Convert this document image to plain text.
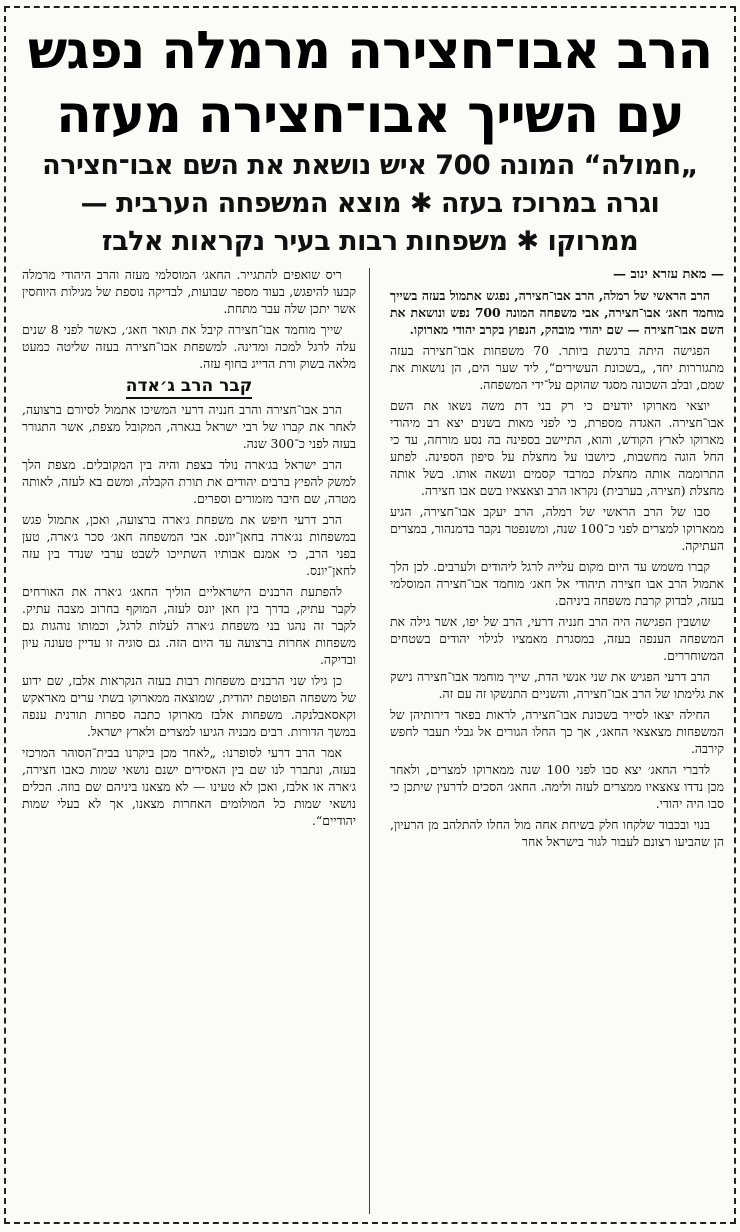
הרב אבו־חצירה מרמלה נפגש
עם השייך אבו־חצירה מעזה
„חמולה“ המונה 700 איש נושאת את השם אבו־חצירה
וגרה במרוכז בעזה ✱ מוצא המשפחה הערבית —
ממרוקו ✱ משפחות רבות בעיר נקראות אלבז
— מאת עזרא ינוב —

הרב הראשי של רמלה, הרב אבו־חצירה, נפגש אתמול בעזה בשייך מוחמד חאג׳ אבו־חצירה, אבי משפחה המונה 700 נפש ונושאת את השם אבו־חצירה — שם יהודי מובהק, הנפוץ בקרב יהודי מארוקו.

הפגישה היתה ברגשת ביותר. 70 משפחות אבו־חצירה בעזה מתגוררות יחד, „בשכונת העשירים“, ליד שער הים, הן נושאות את שמם, ובלב השכונה מסגד שהוקם על־ידי המשפחה.

יוצאי מארוקו יודעים כי רק בני דת משה נשאו את השם אבו־חצירה. האגדה מספרת, כי לפני מאות בשנים יצא רב מיהודי מארוקו לארץ הקודש, והוא, התיישב בספינה בה נסע מורחה, עד כי החל הוגה מחשבות, כיושבו על מחצלת על סיפון הספינה. לפתע התרוממה אותה מחצלת כמרבד קסמים ונשאה אותו. בשל אותה מחצלת (חצירה, בערבית) נקראו הרב וצאצאיו בשם אבו חצירה.

סבו של הרב הראשי של רמלה, הרב יעקב אבו־חצירה, הגיע ממארוקו למצרים לפני כ־100 שנה, ומשנפטר נקבר בדמנהור, במצרים העתיקה.

קברו משמש עד היום מקום עלייה לרגל ליהודים ולערבים. לכן הלך אתמול הרב אבו חצירה תיהודי אל חאג׳ מוחמד אבו־חצירה המוסלמי בעזה, לבדוק קרבת משפחה ביניהם.

שושבין הפגישה היה הרב חנניה דרעי, הרב של יפו, אשר גילה את המשפחה הענפה בעזה, במסגרת מאמציו לגילוי יהודים בשטחים המשוחררים.

הרב דרעי הפגיש את שני אנשי הדת, שייך מוחמד אבו־חצירה נישק את גלימתו של הרב אבו־חצירה, והשניים התנשקו זה עם זה.

החילה יצאו לסייר בשכונת אבו־חצירה, לראות בפאר דירותיהן של המשפחות מצאצאי החאג׳, אך כך החלו הגורים אל גבלי תעבר לחפש קירבה.

לדברי החאג׳ יצא סבו לפני 100 שנה ממארוקו למצרים, ולאחר מכן נדדו צאצאיו ממצרים לעזה ולימה. החאג׳ הסכים לדרעין שיתכן כי סבו היה יהודי.

בנוי ובכבוד שלקחו חלק בשיחת אחה מול החלו להתלהב מן הרעיון, הן שהביעו רצונם לעבור לגור בישראל אחר

ריס שואפים להתגייר. החאג׳ המוסלמי מעזה והרב היהודי מרמלה קבעו להיפגש, בעוד מספר שבועות, לבדיקה נוספת של מגילות היוחסין אשר יתכן שלה עבר מתחת.

שייך מוחמד אבו־חצירה קיבל את תואר חאג׳, כאשר לפני 8 שנים עלה לרגל למכה ומדינה. למשפחת אבו־חצירה בעזה שליטה כמעט מלאה בשוק ורת הדייג בחוף עזה.

קבר הרב ג׳אדה

הרב אבו־חצירה והרב חנניה דרעי המשיכו אתמול לסיורם ברצועה, לאחר את קברו של רבי ישראל בגארה, המקובל מצפת, אשר התגורר בעזה לפני כ־300 שנה.

הרב ישראל בג׳ארה נולד בצפת והיה בין המקובלים. מצפת הלך למשק להפיץ ברבים יהודים את תורת הקבלה, ומשם בא לעזה, לאותה מטרה, שם חיבר מזמורים וספרים.

הרב דרעי חיפש את משפחת ג׳ארה ברצועה, ואכן, אתמול פגש במשפחות נג׳ארה בחאן־יונס. אבי המשפחה חאג׳ סכר ג׳ארה, טען בפני הרב, כי אמנם אבותיו השתייכו לשבט ערבי שנדד בין עזה לחאן־יונס.

להפתעת הרבנים הישראליים הוליך החאג׳ ג׳ארה את האורחים לקבר עתיק, בדרך בין חאן יונס לעזה, המוקף בחרוב מצבה עתיק. לקבר זה נהגו בני משפחת ג׳ארה לעלות לרגל, וכמותו נוהגות גם משפחות אחרות ברצועה עד היום הזה. גם סוגיה זו עדיין טעונה עיון ובדיקה.

כן גילו שני הרבנים משפחות רבות בעזה הנקראות אלבז, שם ידוע של משפחה הפוטפת יהודית, שמוצאה ממארוקו בשתי ערים מאראקש וקאסאבלנקה. משפחות אלבז מארוקו כתבה ספרות תורנית ענפה במשך הדורות. רבים מבניה הגיעו למצרים ולארץ ישראל.

אמר הרב דרעי לסופרנו: „לאחר מכן ביקרנו בבית־הסוהר המרכזי בעזה, ונתברר לנו שם בין האסירים ישנם נושאי שמות כאבו חצירה, ג׳ארה או אלבז, ואכן לא טעינו — לא מצאנו ביניהם שם בוזה. הכלים נושאי שמות כל המולומים האחרות מצאנו, אך לא בעלי שמות יהודיים“.
